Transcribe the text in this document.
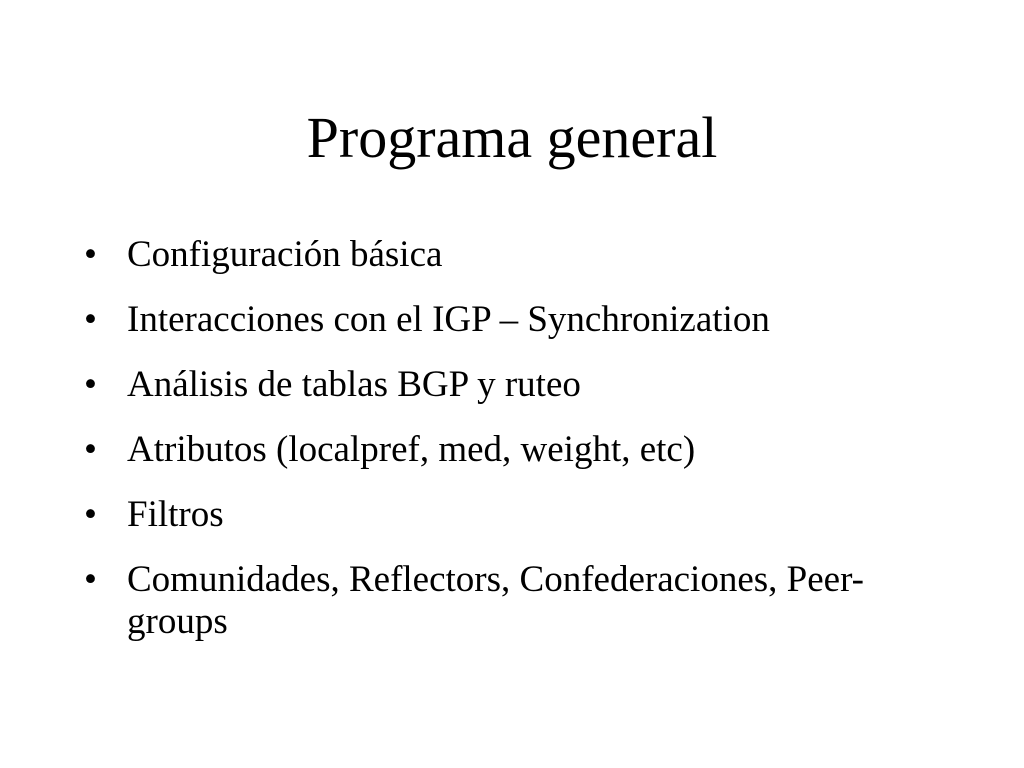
Programa general
• Configuración básica
• Interacciones con el IGP – Synchronization
• Análisis de tablas BGP y ruteo
• Atributos (localpref, med, weight, etc)
• Filtros
• Comunidades, Reflectors, Confederaciones, Peer-groups
